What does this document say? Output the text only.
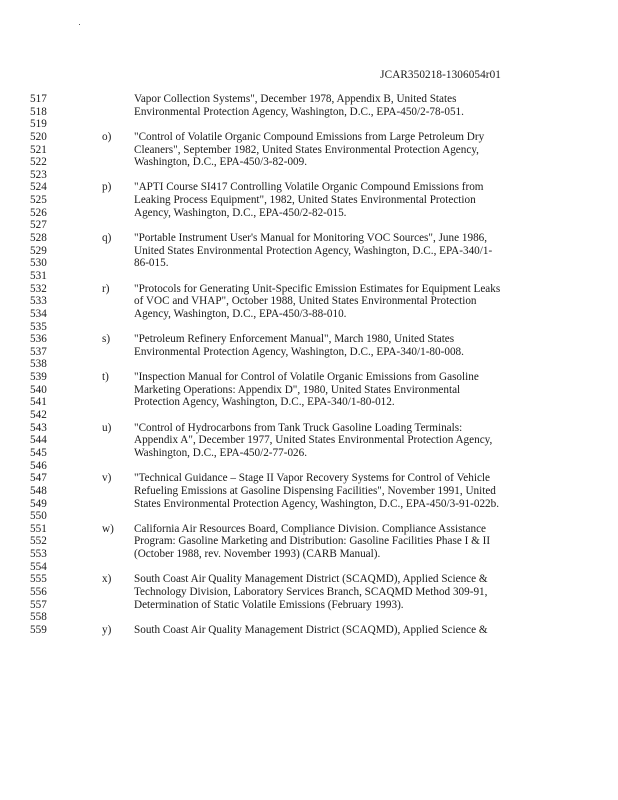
JCAR350218-1306054r01
517	Vapor Collection Systems", December 1978, Appendix B, United States
518	Environmental Protection Agency, Washington, D.C., EPA-450/2-78-051.
519
520	o)	"Control of Volatile Organic Compound Emissions from Large Petroleum Dry
521	Cleaners", September 1982, United States Environmental Protection Agency,
522	Washington, D.C., EPA-450/3-82-009.
523
524	p)	"APTI Course SI417 Controlling Volatile Organic Compound Emissions from
525	Leaking Process Equipment", 1982, United States Environmental Protection
526	Agency, Washington, D.C., EPA-450/2-82-015.
527
528	q)	"Portable Instrument User's Manual for Monitoring VOC Sources", June 1986,
529	United States Environmental Protection Agency, Washington, D.C., EPA-340/1-
530	86-015.
531
532	r)	"Protocols for Generating Unit-Specific Emission Estimates for Equipment Leaks
533	of VOC and VHAP", October 1988, United States Environmental Protection
534	Agency, Washington, D.C., EPA-450/3-88-010.
535
536	s)	"Petroleum Refinery Enforcement Manual", March 1980, United States
537	Environmental Protection Agency, Washington, D.C., EPA-340/1-80-008.
538
539	t)	"Inspection Manual for Control of Volatile Organic Emissions from Gasoline
540	Marketing Operations: Appendix D", 1980, United States Environmental
541	Protection Agency, Washington, D.C., EPA-340/1-80-012.
542
543	u)	"Control of Hydrocarbons from Tank Truck Gasoline Loading Terminals:
544	Appendix A", December 1977, United States Environmental Protection Agency,
545	Washington, D.C., EPA-450/2-77-026.
546
547	v)	"Technical Guidance – Stage II Vapor Recovery Systems for Control of Vehicle
548	Refueling Emissions at Gasoline Dispensing Facilities", November 1991, United
549	States Environmental Protection Agency, Washington, D.C., EPA-450/3-91-022b.
550
551	w)	California Air Resources Board, Compliance Division. Compliance Assistance
552	Program: Gasoline Marketing and Distribution: Gasoline Facilities Phase I & II
553	(October 1988, rev. November 1993) (CARB Manual).
554
555	x)	South Coast Air Quality Management District (SCAQMD), Applied Science &
556	Technology Division, Laboratory Services Branch, SCAQMD Method 309-91,
557	Determination of Static Volatile Emissions (February 1993).
558
559	y)	South Coast Air Quality Management District (SCAQMD), Applied Science &
